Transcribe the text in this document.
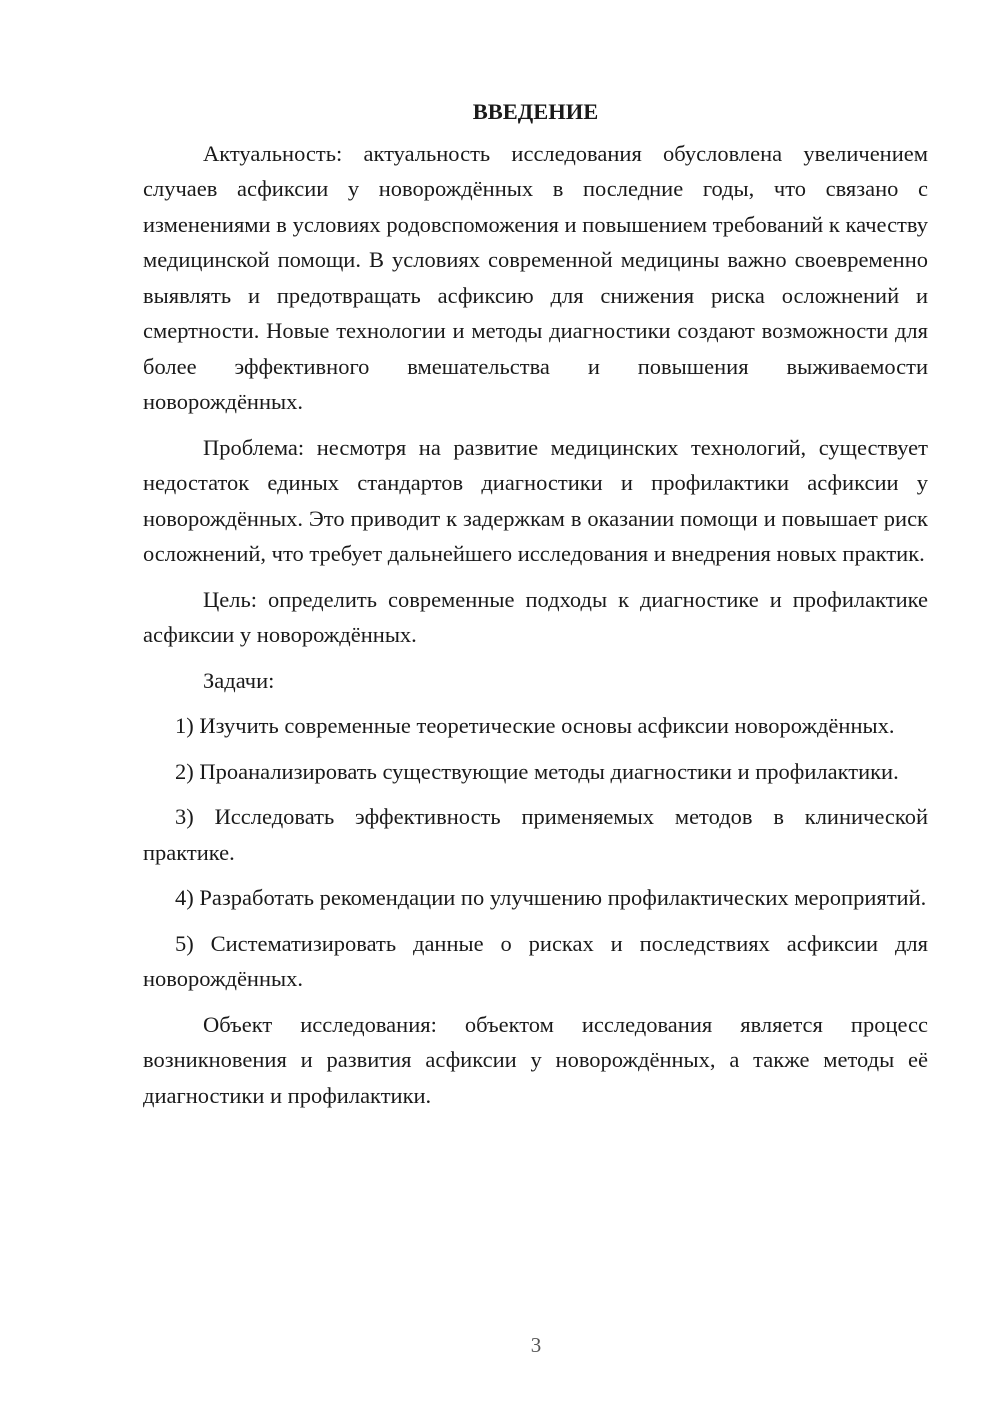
ВВЕДЕНИЕ

Актуальность: актуальность исследования обусловлена увеличением случаев асфиксии у новорождённых в последние годы, что связано с изменениями в условиях родовспоможения и повышением требований к качеству медицинской помощи. В условиях современной медицины важно своевременно выявлять и предотвращать асфиксию для снижения риска осложнений и смертности. Новые технологии и методы диагностики создают возможности для более эффективного вмешательства и повышения выживаемости новорождённых.

Проблема: несмотря на развитие медицинских технологий, существует недостаток единых стандартов диагностики и профилактики асфиксии у новорождённых. Это приводит к задержкам в оказании помощи и повышает риск осложнений, что требует дальнейшего исследования и внедрения новых практик.

Цель: определить современные подходы к диагностике и профилактике асфиксии у новорождённых.

Задачи:

1) Изучить современные теоретические основы асфиксии новорождённых.

2) Проанализировать существующие методы диагностики и профилактики.

3) Исследовать эффективность применяемых методов в клинической практике.

4) Разработать рекомендации по улучшению профилактических мероприятий.

5) Систематизировать данные о рисках и последствиях асфиксии для новорождённых.

Объект исследования: объектом исследования является процесс возникновения и развития асфиксии у новорождённых, а также методы её диагностики и профилактики.

3
